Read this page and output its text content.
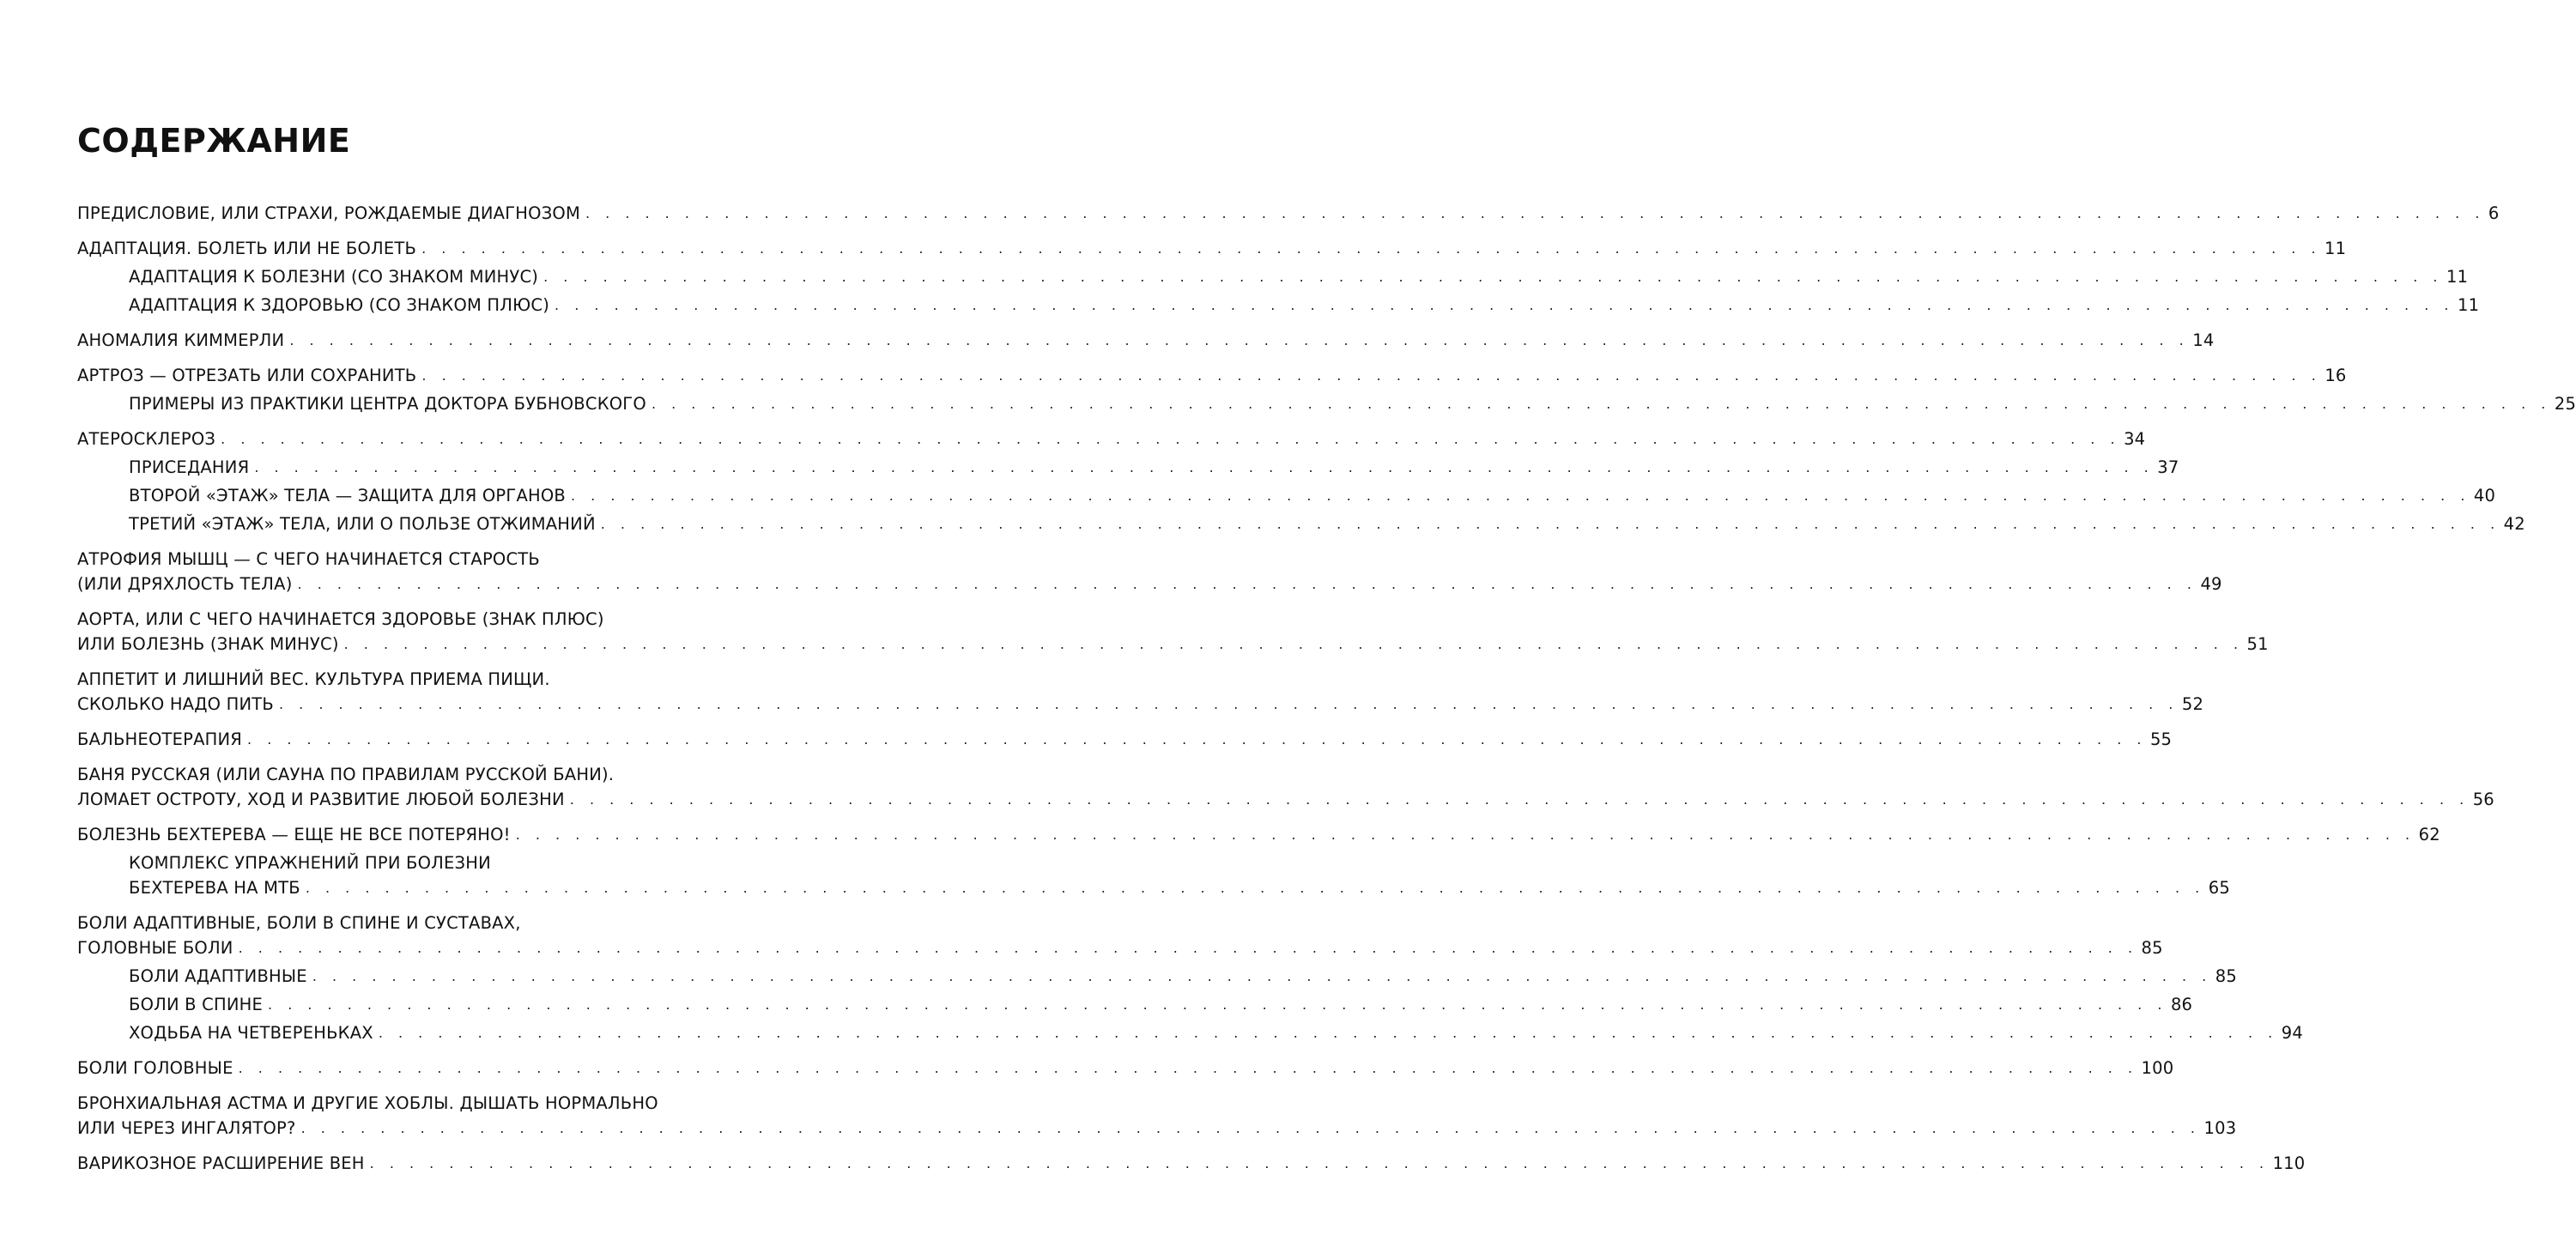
СОДЕРЖАНИЕ
ПРЕДИСЛОВИЕ, ИЛИ СТРАХИ, РОЖДАЕМЫЕ ДИАГНОЗОМ . . . . . . . . . . . . . . . . . . . . . . . . . . . . . . . . . . . . . . . . . . . . . . . . . . . . . . . . . . . . . . . . . . . . . . . . . . . . . . . . . . . . . . . . . . . . . . . . 6
АДАПТАЦИЯ. БОЛЕТЬ ИЛИ НЕ БОЛЕТЬ . . . . . . . . . . . . . . . . . . . . . . . . . . . . . . . . . . . . . . . . . . . . . . . . . . . . . . . . . . . . . . . . . . . . . . . . . . . . . . . . . . . . . . . . . . . . . . . . 11
АДАПТАЦИЯ К БОЛЕЗНИ (СО ЗНАКОМ МИНУС) . . . . . . . . . . . . . . . . . . . . . . . . . . . . . . . . . . . . . . . . . . . . . . . . . . . . . . . . . . . . . . . . . . . . . . . . . . . . . . . . . . . . . . . . . . . . . . . . 11
АДАПТАЦИЯ К ЗДОРОВЬЮ (СО ЗНАКОМ ПЛЮС) . . . . . . . . . . . . . . . . . . . . . . . . . . . . . . . . . . . . . . . . . . . . . . . . . . . . . . . . . . . . . . . . . . . . . . . . . . . . . . . . . . . . . . . . . . . . . . . . 11
АНОМАЛИЯ КИММЕРЛИ . . . . . . . . . . . . . . . . . . . . . . . . . . . . . . . . . . . . . . . . . . . . . . . . . . . . . . . . . . . . . . . . . . . . . . . . . . . . . . . . . . . . . . . . . . . . . . . . 14
АРТРОЗ — ОТРЕЗАТЬ ИЛИ СОХРАНИТЬ . . . . . . . . . . . . . . . . . . . . . . . . . . . . . . . . . . . . . . . . . . . . . . . . . . . . . . . . . . . . . . . . . . . . . . . . . . . . . . . . . . . . . . . . . . . . . . . . 16
ПРИМЕРЫ ИЗ ПРАКТИКИ ЦЕНТРА ДОКТОРА БУБНОВСКОГО . . . . . . . . . . . . . . . . . . . . . . . . . . . . . . . . . . . . . . . . . . . . . . . . . . . . . . . . . . . . . . . . . . . . . . . . . . . . . . . . . . . . . . . . . . . . . . . . 25
АТЕРОСКЛЕРОЗ . . . . . . . . . . . . . . . . . . . . . . . . . . . . . . . . . . . . . . . . . . . . . . . . . . . . . . . . . . . . . . . . . . . . . . . . . . . . . . . . . . . . . . . . . . . . . . . . 34
ПРИСЕДАНИЯ . . . . . . . . . . . . . . . . . . . . . . . . . . . . . . . . . . . . . . . . . . . . . . . . . . . . . . . . . . . . . . . . . . . . . . . . . . . . . . . . . . . . . . . . . . . . . . . . 37
ВТОРОЙ «ЭТАЖ» ТЕЛА — ЗАЩИТА ДЛЯ ОРГАНОВ . . . . . . . . . . . . . . . . . . . . . . . . . . . . . . . . . . . . . . . . . . . . . . . . . . . . . . . . . . . . . . . . . . . . . . . . . . . . . . . . . . . . . . . . . . . . . . . . 40
ТРЕТИЙ «ЭТАЖ» ТЕЛА, ИЛИ О ПОЛЬЗЕ ОТЖИМАНИЙ . . . . . . . . . . . . . . . . . . . . . . . . . . . . . . . . . . . . . . . . . . . . . . . . . . . . . . . . . . . . . . . . . . . . . . . . . . . . . . . . . . . . . . . . . . . . . . . . 42
АТРОФИЯ МЫШЦ — С ЧЕГО НАЧИНАЕТСЯ СТАРОСТЬ
(ИЛИ ДРЯХЛОСТЬ ТЕЛА) . . . . . . . . . . . . . . . . . . . . . . . . . . . . . . . . . . . . . . . . . . . . . . . . . . . . . . . . . . . . . . . . . . . . . . . . . . . . . . . . . . . . . . . . . . . . . . . . 49
АОРТА, ИЛИ С ЧЕГО НАЧИНАЕТСЯ ЗДОРОВЬЕ (ЗНАК ПЛЮС)
ИЛИ БОЛЕЗНЬ (ЗНАК МИНУС) . . . . . . . . . . . . . . . . . . . . . . . . . . . . . . . . . . . . . . . . . . . . . . . . . . . . . . . . . . . . . . . . . . . . . . . . . . . . . . . . . . . . . . . . . . . . . . . . 51
АППЕТИТ И ЛИШНИЙ ВЕС. КУЛЬТУРА ПРИЕМА ПИЩИ.
СКОЛЬКО НАДО ПИТЬ . . . . . . . . . . . . . . . . . . . . . . . . . . . . . . . . . . . . . . . . . . . . . . . . . . . . . . . . . . . . . . . . . . . . . . . . . . . . . . . . . . . . . . . . . . . . . . . . 52
БАЛЬНЕОТЕРАПИЯ . . . . . . . . . . . . . . . . . . . . . . . . . . . . . . . . . . . . . . . . . . . . . . . . . . . . . . . . . . . . . . . . . . . . . . . . . . . . . . . . . . . . . . . . . . . . . . . . 55
БАНЯ РУССКАЯ (ИЛИ САУНА ПО ПРАВИЛАМ РУССКОЙ БАНИ).
ЛОМАЕТ ОСТРОТУ, ХОД И РАЗВИТИЕ ЛЮБОЙ БОЛЕЗНИ . . . . . . . . . . . . . . . . . . . . . . . . . . . . . . . . . . . . . . . . . . . . . . . . . . . . . . . . . . . . . . . . . . . . . . . . . . . . . . . . . . . . . . . . . . . . . . . . 56
БОЛЕЗНЬ БЕХТЕРЕВА — ЕЩЕ НЕ ВСЕ ПОТЕРЯНО! . . . . . . . . . . . . . . . . . . . . . . . . . . . . . . . . . . . . . . . . . . . . . . . . . . . . . . . . . . . . . . . . . . . . . . . . . . . . . . . . . . . . . . . . . . . . . . . . 62
КОМПЛЕКС УПРАЖНЕНИЙ ПРИ БОЛЕЗНИ
БЕХТЕРЕВА НА МТБ . . . . . . . . . . . . . . . . . . . . . . . . . . . . . . . . . . . . . . . . . . . . . . . . . . . . . . . . . . . . . . . . . . . . . . . . . . . . . . . . . . . . . . . . . . . . . . . . 65
БОЛИ АДАПТИВНЫЕ, БОЛИ В СПИНЕ И СУСТАВАХ,
ГОЛОВНЫЕ БОЛИ . . . . . . . . . . . . . . . . . . . . . . . . . . . . . . . . . . . . . . . . . . . . . . . . . . . . . . . . . . . . . . . . . . . . . . . . . . . . . . . . . . . . . . . . . . . . . . . . 85
БОЛИ АДАПТИВНЫЕ . . . . . . . . . . . . . . . . . . . . . . . . . . . . . . . . . . . . . . . . . . . . . . . . . . . . . . . . . . . . . . . . . . . . . . . . . . . . . . . . . . . . . . . . . . . . . . . . 85
БОЛИ В СПИНЕ . . . . . . . . . . . . . . . . . . . . . . . . . . . . . . . . . . . . . . . . . . . . . . . . . . . . . . . . . . . . . . . . . . . . . . . . . . . . . . . . . . . . . . . . . . . . . . . . 86
ХОДЬБА НА ЧЕТВЕРЕНЬКАХ . . . . . . . . . . . . . . . . . . . . . . . . . . . . . . . . . . . . . . . . . . . . . . . . . . . . . . . . . . . . . . . . . . . . . . . . . . . . . . . . . . . . . . . . . . . . . . . . 94
БОЛИ ГОЛОВНЫЕ . . . . . . . . . . . . . . . . . . . . . . . . . . . . . . . . . . . . . . . . . . . . . . . . . . . . . . . . . . . . . . . . . . . . . . . . . . . . . . . . . . . . . . . . . . . . . . . . 100
БРОНХИАЛЬНАЯ АСТМА И ДРУГИЕ ХОБЛЫ. ДЫШАТЬ НОРМАЛЬНО
ИЛИ ЧЕРЕЗ ИНГАЛЯТОР? . . . . . . . . . . . . . . . . . . . . . . . . . . . . . . . . . . . . . . . . . . . . . . . . . . . . . . . . . . . . . . . . . . . . . . . . . . . . . . . . . . . . . . . . . . . . . . . . 103
ВАРИКОЗНОЕ РАСШИРЕНИЕ ВЕН . . . . . . . . . . . . . . . . . . . . . . . . . . . . . . . . . . . . . . . . . . . . . . . . . . . . . . . . . . . . . . . . . . . . . . . . . . . . . . . . . . . . . . . . . . . . . . . . 110
